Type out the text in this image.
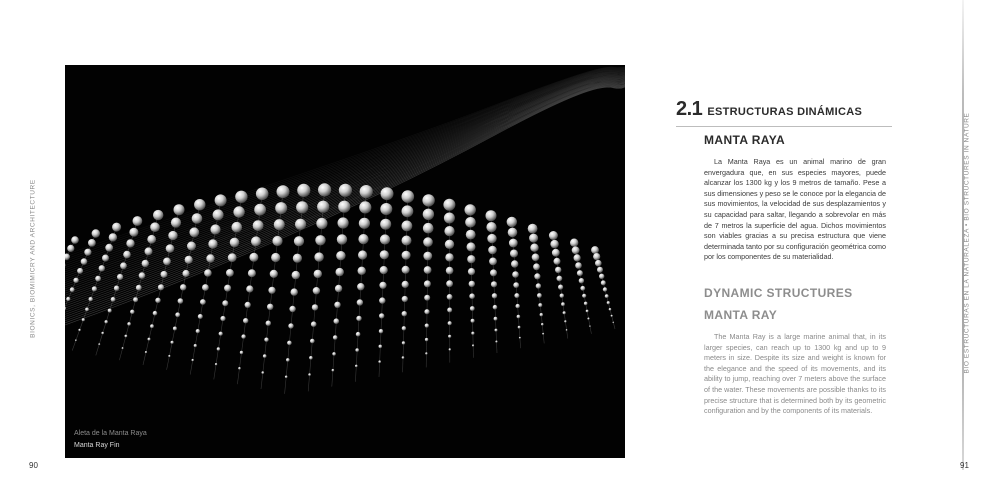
BIONICS, BIOMIMICRY AND ARCHITECTURE
90
Aleta de la Manta Raya
Manta Ray Fin
BIO ESTRUCTURAS EN LA NATURALEZA • BIO STRUCTURES IN NATURE
91
2.1 ESTRUCTURAS DINÁMICAS
MANTA RAYA

La Manta Raya es un animal marino de gran envergadura que, en sus especies mayores, puede alcanzar los 1300 kg y los 9 metros de tamaño. Pese a sus dimensiones y peso se le conoce por la elegancia de sus movimientos, la velocidad de sus desplazamientos y su capacidad para saltar, llegando a sobrevolar en más de 7 metros la superficie del agua. Dichos movimientos son viables gracias a su precisa estructura que viene determinada tanto por su configuración geométrica como por los componentes de su materialidad.

DYNAMIC STRUCTURES
MANTA RAY

The Manta Ray is a large marine animal that, in its larger species, can reach up to 1300 kg and up to 9 meters in size. Despite its size and weight is known for the elegance and the speed of its movements, and its ability to jump, reaching over 7 meters above the surface of the water. These movements are possible thanks to its precise structure that is determined both by its geometric configuration and by the components of its materials.
